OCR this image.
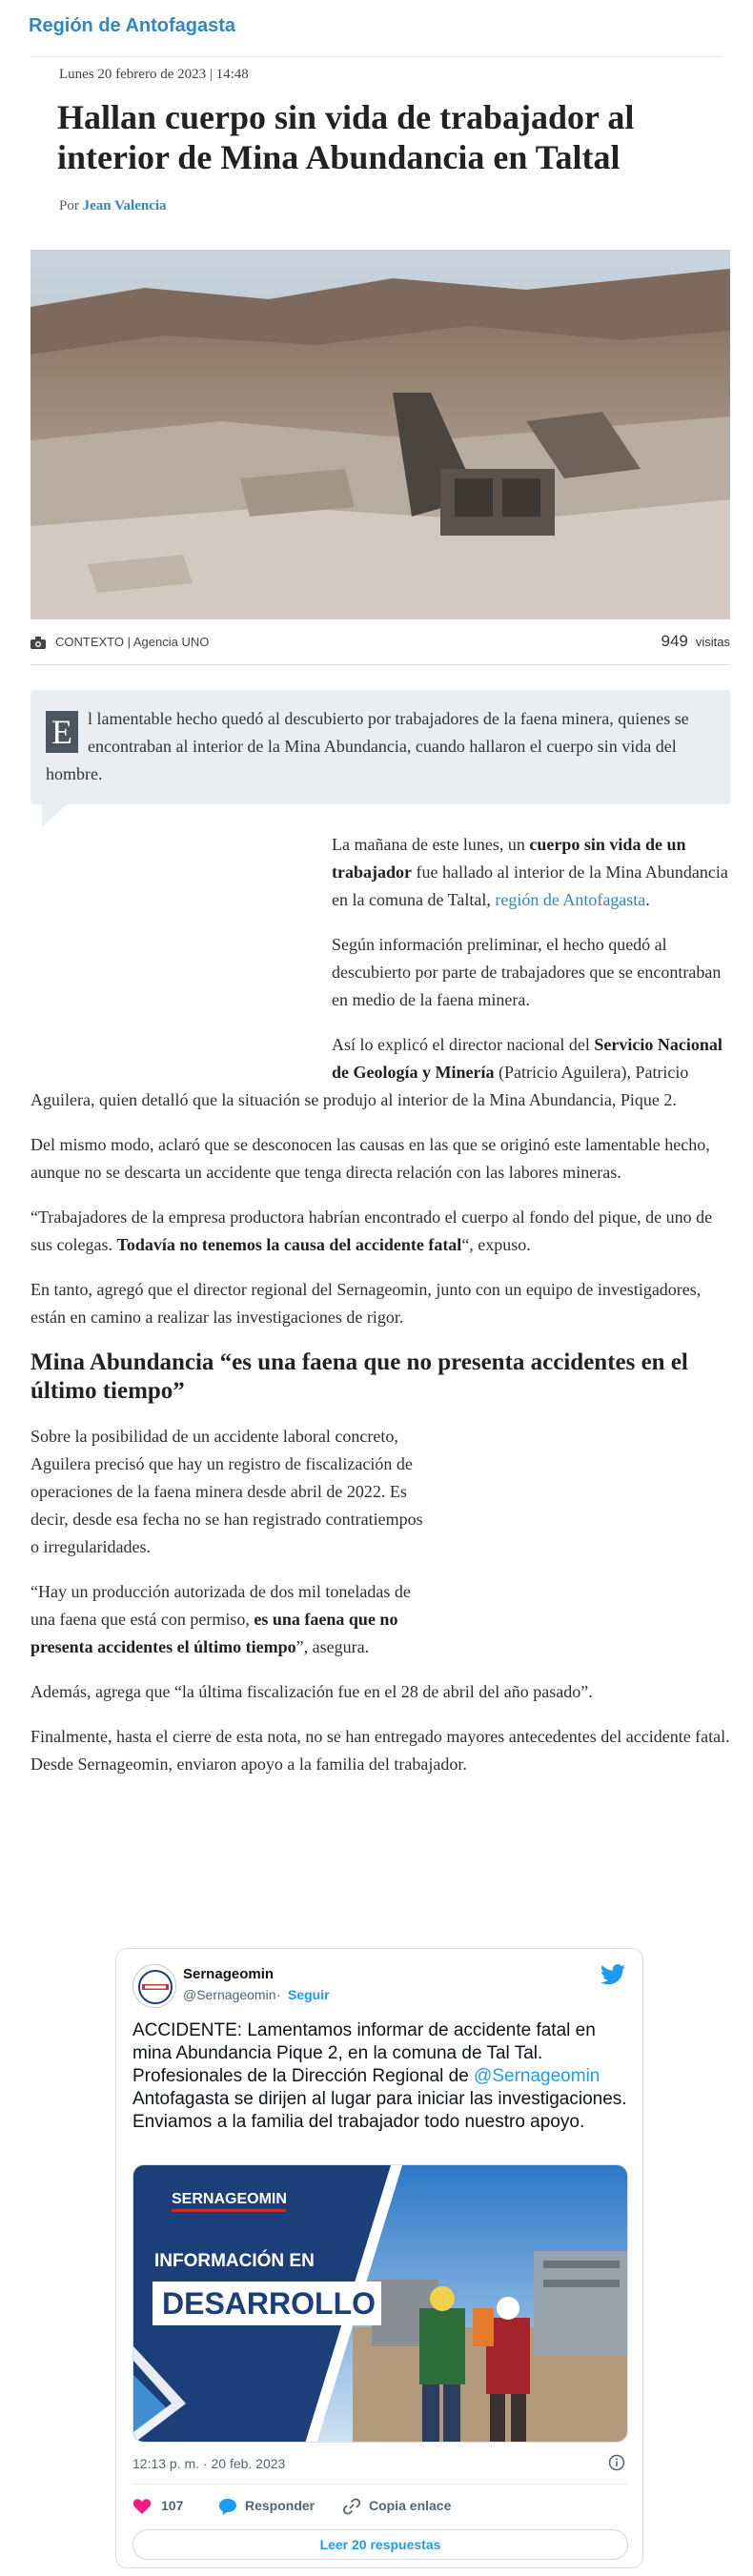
Región de Antofagasta
Lunes 20 febrero de 2023 | 14:48
Hallan cuerpo sin vida de trabajador al interior de Mina Abundancia en Taltal
Por Jean Valencia
CONTEXTO | Agencia UNO	949 visitas
E l lamentable hecho quedó al descubierto por trabajadores de la faena minera, quienes se encontraban al interior de la Mina Abundancia, cuando hallaron el cuerpo sin vida del hombre.

La mañana de este lunes, un cuerpo sin vida de un trabajador fue hallado al interior de la Mina Abundancia en la comuna de Taltal, región de Antofagasta.

Según información preliminar, el hecho quedó al descubierto por parte de trabajadores que se encontraban en medio de la faena minera.

Así lo explicó el director nacional del Servicio Nacional de Geología y Minería (Patricio Aguilera), Patricio Aguilera, quien detalló que la situación se produjo al interior de la Mina Abundancia, Pique 2.

Del mismo modo, aclaró que se desconocen las causas en las que se originó este lamentable hecho, aunque no se descarta un accidente que tenga directa relación con las labores mineras.

“Trabajadores de la empresa productora habrían encontrado el cuerpo al fondo del pique, de uno de sus colegas. Todavía no tenemos la causa del accidente fatal“, expuso.

En tanto, agregó que el director regional del Sernageomin, junto con un equipo de investigadores, están en camino a realizar las investigaciones de rigor.

Mina Abundancia “es una faena que no presenta accidentes en el último tiempo”

Sobre la posibilidad de un accidente laboral concreto, Aguilera precisó que hay un registro de fiscalización de operaciones de la faena minera desde abril de 2022. Es decir, desde esa fecha no se han registrado contratiempos o irregularidades.

“Hay un producción autorizada de dos mil toneladas de una faena que está con permiso, es una faena que no presenta accidentes el último tiempo”, asegura.

Además, agrega que “la última fiscalización fue en el 28 de abril del año pasado”.

Finalmente, hasta el cierre de esta nota, no se han entregado mayores antecedentes del accidente fatal. Desde Sernageomin, enviaron apoyo a la familia del trabajador.

Sernageomin
@Sernageomin · Seguir
ACCIDENTE: Lamentamos informar de accidente fatal en mina Abundancia Pique 2, en la comuna de Tal Tal. Profesionales de la Dirección Regional de @Sernageomin Antofagasta se dirijen al lugar para iniciar las investigaciones. Enviamos a la familia del trabajador todo nuestro apoyo.
SERNAGEOMIN
INFORMACIÓN EN
DESARROLLO
12:13 p. m. · 20 feb. 2023
107	Responder	Copia enlace
Leer 20 respuestas
